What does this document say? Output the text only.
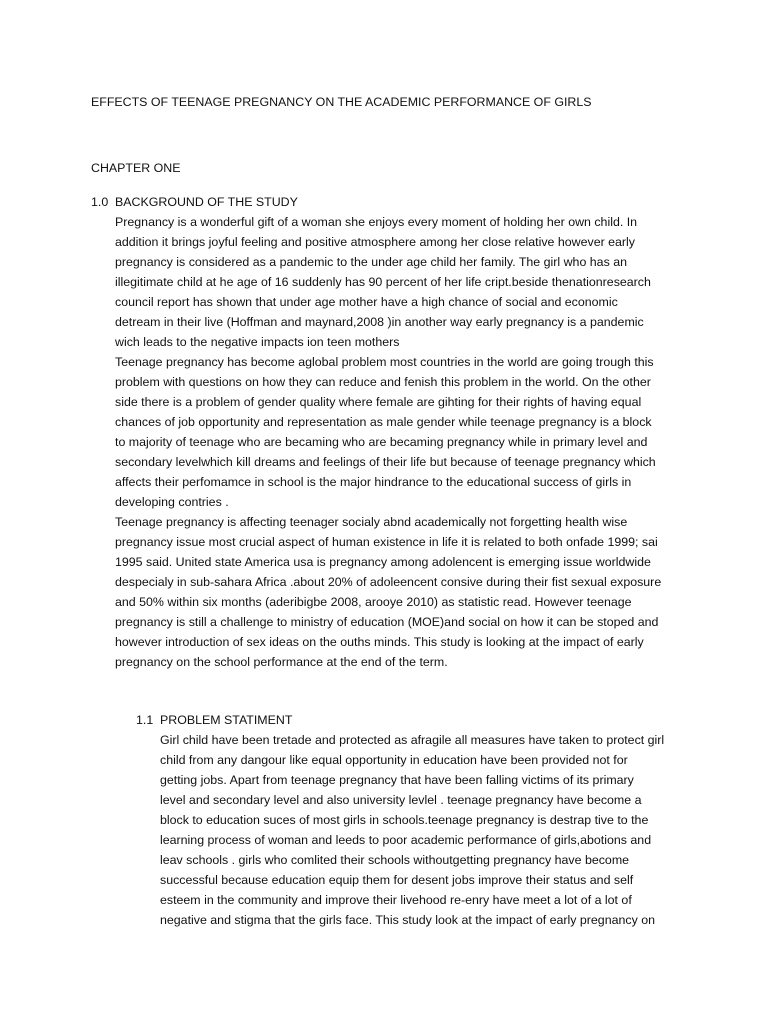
EFFECTS OF TEENAGE PREGNANCY ON THE ACADEMIC PERFORMANCE OF GIRLS
CHAPTER ONE
1.0 BACKGROUND OF THE STUDY
Pregnancy is a wonderful gift of a woman she enjoys every moment of holding her own child. In
addition it brings joyful feeling and positive atmosphere among her close relative however early
pregnancy is considered as a pandemic to the under age child her family. The girl who has an
illegitimate child at he age of 16 suddenly has 90 percent of her life cript.beside thenationresearch
council report has shown that under age mother have a high chance of social and economic
detream in their live (Hoffman and maynard,2008 )in another way early pregnancy is a pandemic
wich leads to the negative impacts ion teen mothers
Teenage pregnancy has become aglobal problem most countries in the world are going trough this
problem with questions on how they can reduce and fenish this problem in the world. On the other
side there is a problem of gender quality where female are gihting for their rights of having equal
chances of job opportunity and representation as male gender while teenage pregnancy is a block
to majority of teenage who are becaming who are becaming pregnancy while in primary level and
secondary levelwhich kill dreams and feelings of their life but because of teenage pregnancy which
affects their perfomamce in school is the major hindrance to the educational success of girls in
developing contries .
Teenage pregnancy is affecting teenager socialy abnd academically not forgetting health wise
pregnancy issue most crucial aspect of human existence in life it is related to both onfade 1999; sai
1995 said. United state America usa is pregnancy among adolencent is emerging issue worldwide
despecialy in sub-sahara Africa .about 20% of adoleencent consive during their fist sexual exposure
and 50% within six months (aderibigbe 2008, arooye 2010) as statistic read. However teenage
pregnancy is still a challenge to ministry of education (MOE)and social on how it can be stoped and
however introduction of sex ideas on the ouths minds. This study is looking at the impact of early
pregnancy on the school performance at the end of the term.
1.1 PROBLEM STATIMENT
Girl child have been tretade and protected as afragile all measures have taken to protect girl
child from any dangour like equal opportunity in education have been provided not for
getting jobs. Apart from teenage pregnancy that have been falling victims of its primary
level and secondary level and also university levlel . teenage pregnancy have become a
block to education suces of most girls in schools.teenage pregnancy is destrap tive to the
learning process of woman and leeds to poor academic performance of girls,abotions and
leav schools . girls who comlited their schools withoutgetting pregnancy have become
successful because education equip them for desent jobs improve their status and self
esteem in the community and improve their livehood re-enry have meet a lot of a lot of
negative and stigma that the girls face. This study look at the impact of early pregnancy on
